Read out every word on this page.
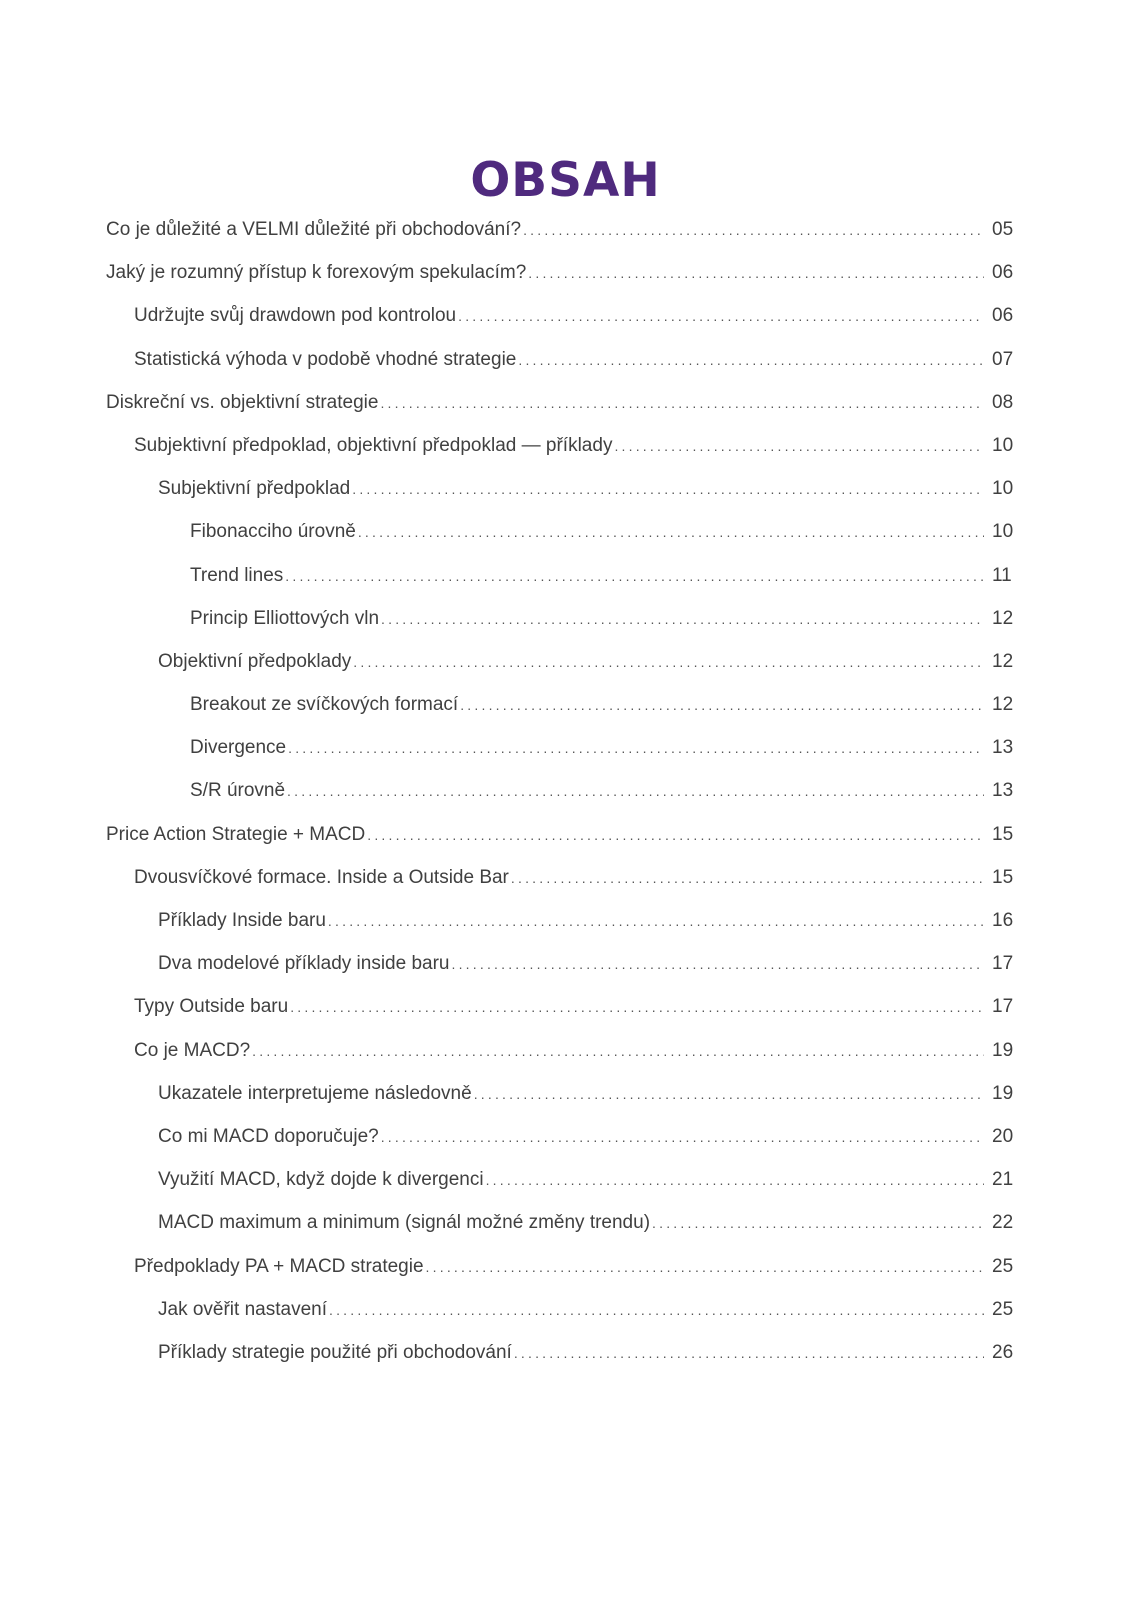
OBSAH
Co je důležité a VELMI důležité při obchodování? .....	05
Jaký je rozumný přístup k forexovým spekulacím? .....	06
Udržujte svůj drawdown pod kontrolou .....	06
Statistická výhoda v podobě vhodné strategie .....	07
Diskreční vs. objektivní strategie .....	08
Subjektivní předpoklad, objektivní předpoklad — příklady .....	10
Subjektivní předpoklad .....	10
Fibonacciho úrovně .....	10
Trend lines .....	11
Princip Elliottových vln .....	12
Objektivní předpoklady .....	12
Breakout ze svíčkových formací .....	12
Divergence .....	13
S/R úrovně .....	13
Price Action Strategie + MACD .....	15
Dvousvíčkové formace. Inside a Outside Bar .....	15
Příklady Inside baru .....	16
Dva modelové příklady inside baru .....	17
Typy Outside baru .....	17
Co je MACD? .....	19
Ukazatele interpretujeme následovně .....	19
Co mi MACD doporučuje? .....	20
Využití MACD, když dojde k divergenci .....	21
MACD maximum a minimum (signál možné změny trendu) .....	22
Předpoklady PA + MACD strategie .....	25
Jak ověřit nastavení .....	25
Příklady strategie použité při obchodování .....	26
